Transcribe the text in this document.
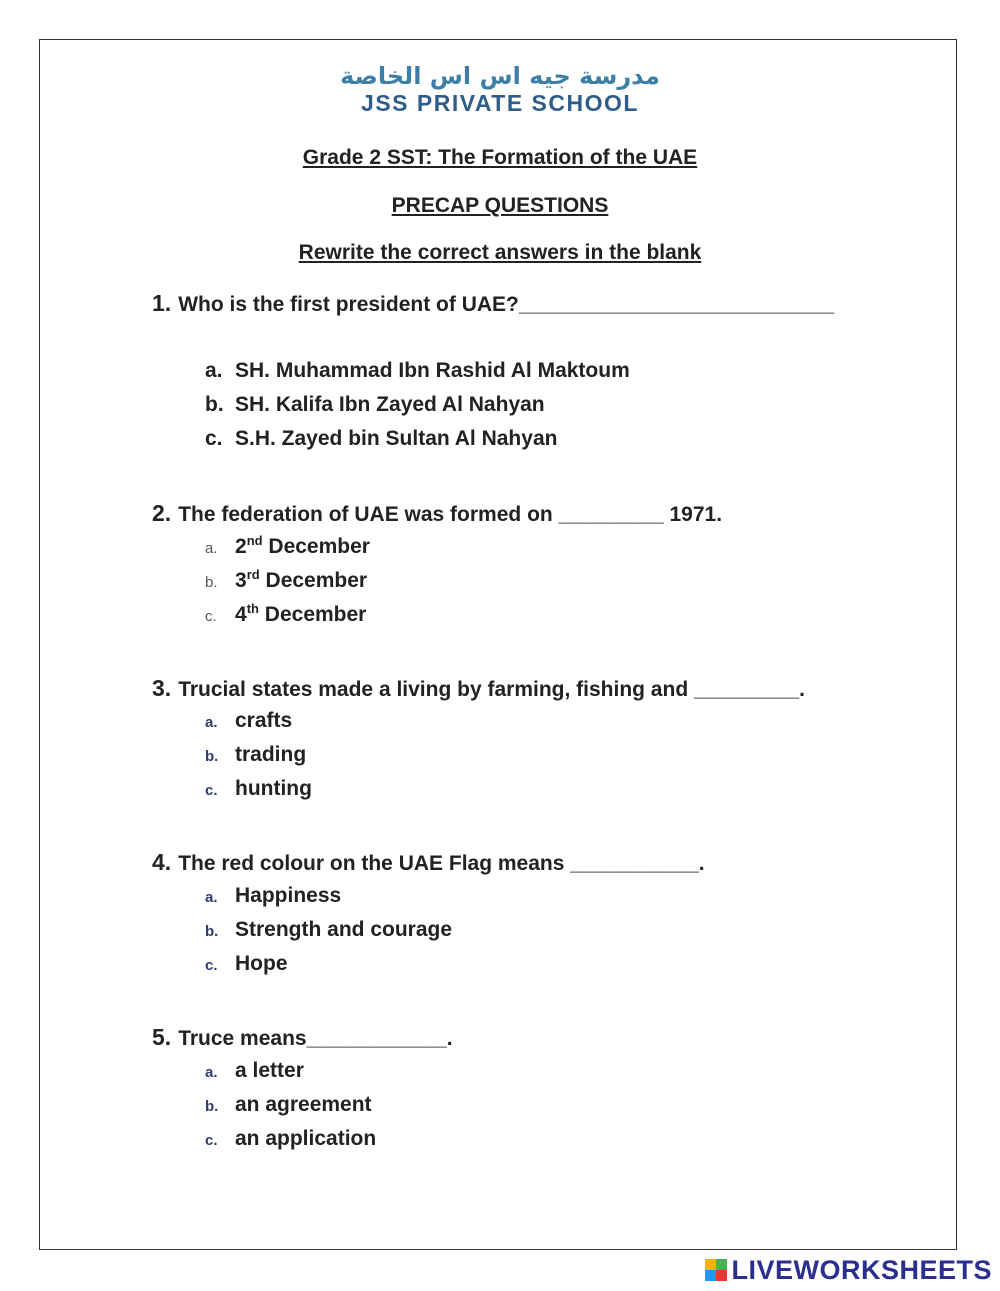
مدرسة جيه اس اس الخاصة
JSS PRIVATE SCHOOL
Grade 2 SST: The Formation of the UAE
PRECAP QUESTIONS
Rewrite the correct answers in the blank
1. Who is the first president of UAE?___________________________
a. SH. Muhammad Ibn Rashid Al Maktoum
b. SH. Kalifa Ibn Zayed Al Nahyan
c. S.H. Zayed bin Sultan Al Nahyan
2. The federation of UAE was formed on _________ 1971.
a. 2nd December
b. 3rd December
c. 4th December
3. Trucial states made a living by farming, fishing and _________.
a. crafts
b. trading
c. hunting
4. The red colour on the UAE Flag means ___________.
a. Happiness
b. Strength and courage
c. Hope
5. Truce means____________.
a. a letter
b. an agreement
c. an application
LIVEWORKSHEETS
